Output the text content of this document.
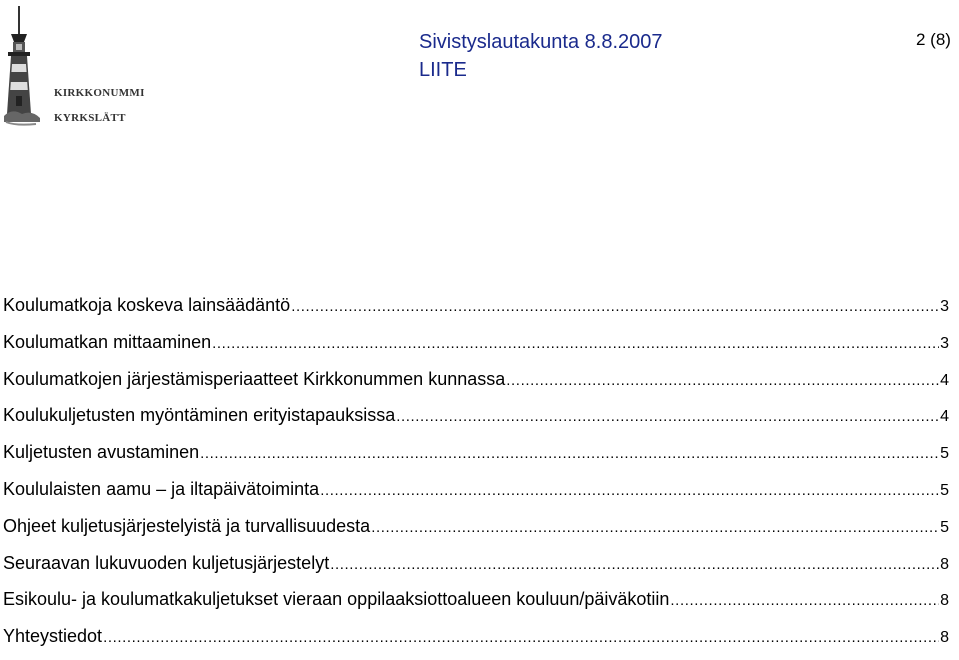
KIRKKONUMMI
KYRKSLÄTT
Sivistyslautakunta 8.8.2007
LIITE
2 (8)
Koulumatkoja koskeva lainsäädäntö .....	3
Koulumatkan mittaaminen .....	3
Koulumatkojen järjestämisperiaatteet Kirkkonummen kunnassa .....	4
Koulukuljetusten myöntäminen erityistapauksissa .....	4
Kuljetusten avustaminen .....	5
Koululaisten aamu – ja iltapäivätoiminta .....	5
Ohjeet kuljetusjärjestelyistä ja turvallisuudesta .....	5
Seuraavan lukuvuoden kuljetusjärjestelyt .....	8
Esikoulu- ja koulumatkakuljetukset vieraan oppilaaksiottoalueen kouluun/päiväkotiin .....	8
Yhteystiedot .....	8
